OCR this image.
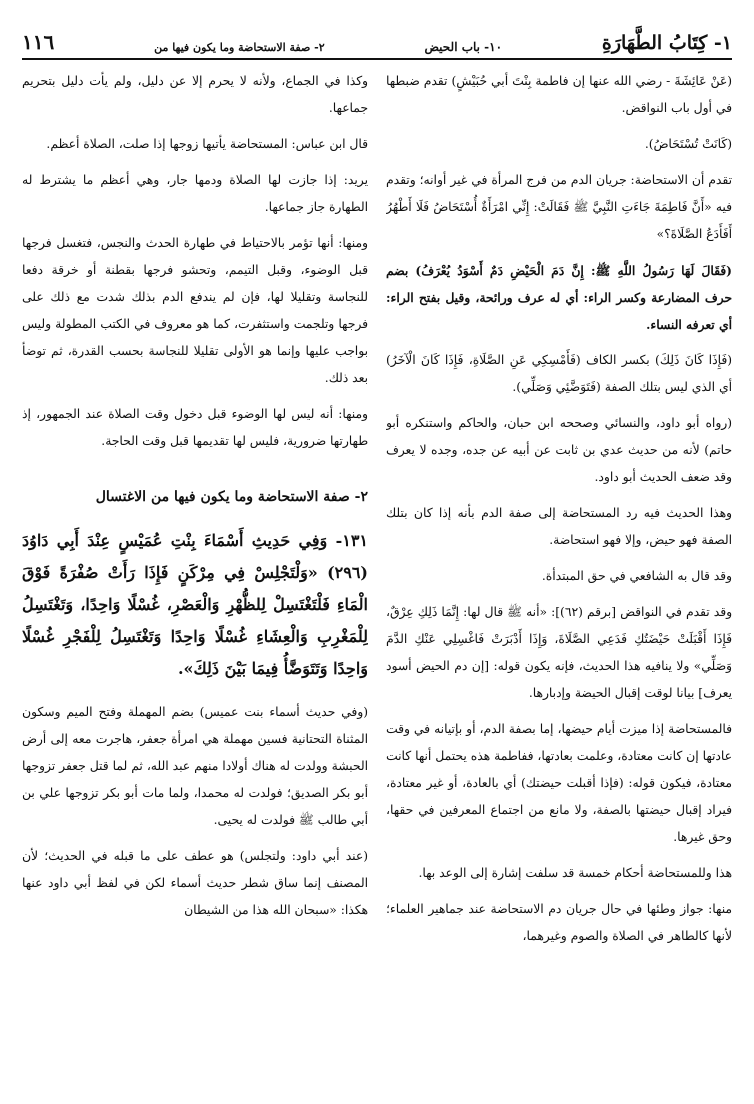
١- كِتَابُ الطَّهَارَةِ
١٠- باب الحيض
٢- صفة الاستحاضة وما يكون فيها من
١١٦

(عَنْ عَائِشَةَ - رضي الله عنها إن فاطمة بِنْتَ أبي حُبَيْشٍ) تقدم ضبطها في أول باب النواقض.

(كَانَتْ تُسْتَحَاضُ).

تقدم أن الاستحاضة: جريان الدم من فرج المرأة في غير أوانه؛ وتقدم فيه «أَنَّ فَاطِمَةَ جَاءَتِ النَّبِيَّ ﷺ فَقَالَتْ: إِنِّي امْرَأَةٌ أُسْتَحَاضُ فَلَا أَطْهُرُ أَفَأَدَعُ الصَّلَاةَ؟»

(فَقَالَ لَهَا رَسُولُ اللَّهِ ﷺ: إِنَّ دَمَ الْحَيْضِ دَمٌ أَسْوَدُ يُعْرَفُ) بضم حرف المضارعة وكسر الراء: أي له عرف ورائحة، وقيل بفتح الراء: أي تعرفه النساء.

(فَإِذَا كَانَ ذَلِكَ) بكسر الكاف (فَأَمْسِكِي عَنِ الصَّلَاةِ، فَإِذَا كَانَ الْآخَرُ) أي الذي ليس بتلك الصفة (فَتَوَضَّئِي وَصَلِّي).

(رواه أبو داود، والنسائي وصححه ابن حبان، والحاكم واستنكره أبو حاتم) لأنه من حديث عدي بن ثابت عن أبيه عن جده، وجده لا يعرف وقد ضعف الحديث أبو داود.

وهذا الحديث فيه رد المستحاضة إلى صفة الدم بأنه إذا كان بتلك الصفة فهو حيض، وإلا فهو استحاضة.

وقد قال به الشافعي في حق المبتدأة.

وقد تقدم في النواقض [برقم (٦٢)]: «أنه ﷺ قال لها: إِنَّمَا ذَلِكِ عِرْقٌ، فَإِذَا أَقْبَلَتْ حَيْضَتُكِ فَدَعِي الصَّلَاةَ، وَإِذَا أَدْبَرَتْ فَاغْسِلِي عَنْكِ الدَّمَ وَصَلِّي» ولا ينافيه هذا الحديث، فإنه يكون قوله: [إن دم الحيض أسود يعرف] بيانا لوقت إقبال الحيضة وإدبارها.

فالمستحاضة إذا ميزت أيام حيضها، إما بصفة الدم، أو بإتيانه في وقت عادتها إن كانت معتادة، وعلمت بعادتها، ففاطمة هذه يحتمل أنها كانت معتادة، فيكون قوله: (فإذا أقبلت حيضتك) أي بالعادة، أو غير معتادة، فيراد إقبال حيضتها بالصفة، ولا مانع من اجتماع المعرفين في حقها، وحق غيرها.

هذا وللمستحاضة أحكام خمسة قد سلفت إشارة إلى الوعد بها.

منها: جواز وطئها في حال جريان دم الاستحاضة عند جماهير العلماء؛ لأنها كالطاهر في الصلاة والصوم وغيرهما،

وكذا في الجماع، ولأنه لا يحرم إلا عن دليل، ولم يأت دليل بتحريم جماعها.

قال ابن عباس: المستحاضة يأتيها زوجها إذا صلت، الصلاة أعظم.

يريد: إذا جازت لها الصلاة ودمها جار، وهي أعظم ما يشترط له الطهارة جاز جماعها.

ومنها: أنها تؤمر بالاحتياط في طهارة الحدث والنجس، فتغسل فرجها قبل الوضوء، وقبل التيمم، وتحشو فرجها بقطنة أو خرقة دفعا للنجاسة وتقليلا لها، فإن لم يندفع الدم بذلك شدت مع ذلك على فرجها وتلجمت واستثفرت، كما هو معروف في الكتب المطولة وليس بواجب عليها وإنما هو الأولى تقليلا للنجاسة بحسب القدرة، ثم توضأ بعد ذلك.

ومنها: أنه ليس لها الوضوء قبل دخول وقت الصلاة عند الجمهور، إذ طهارتها ضرورية، فليس لها تقديمها قبل وقت الحاجة.

٢- صفة الاستحاضة وما يكون فيها من الاغتسال

١٣١- وَفِي حَدِيثِ أَسْمَاءَ بِنْتِ عُمَيْسٍ عِنْدَ أَبِي دَاوُدَ (٢٩٦) «وَلْتَجْلِسْ فِي مِرْكَنٍ فَإِذَا رَأَتْ صُفْرَةً فَوْقَ الْمَاءِ فَلْتَغْتَسِلْ لِلظُّهْرِ وَالْعَصْرِ، غُسْلًا وَاحِدًا، وَتَغْتَسِلُ لِلْمَغْرِبِ وَالْعِشَاءِ غُسْلًا وَاحِدًا وَتَغْتَسِلُ لِلْفَجْرِ غُسْلًا وَاحِدًا وَتَتَوَضَّأُ فِيمَا بَيْنَ ذَلِكَ».

(وفي حديث أسماء بنت عميس) بضم المهملة وفتح الميم وسكون المثناة التحتانية فسين مهملة هي امرأة جعفر، هاجرت معه إلى أرض الحبشة وولدت له هناك أولادا منهم عبد الله، ثم لما قتل جعفر تزوجها أبو بكر الصديق؛ فولدت له محمدا، ولما مات أبو بكر تزوجها علي بن أبي طالب ﷺ فولدت له يحيى.

(عند أبي داود: ولتجلس) هو عطف على ما قبله في الحديث؛ لأن المصنف إنما ساق شطر حديث أسماء لكن في لفظ أبي داود عنها هكذا: «سبحان الله هذا من الشيطان
